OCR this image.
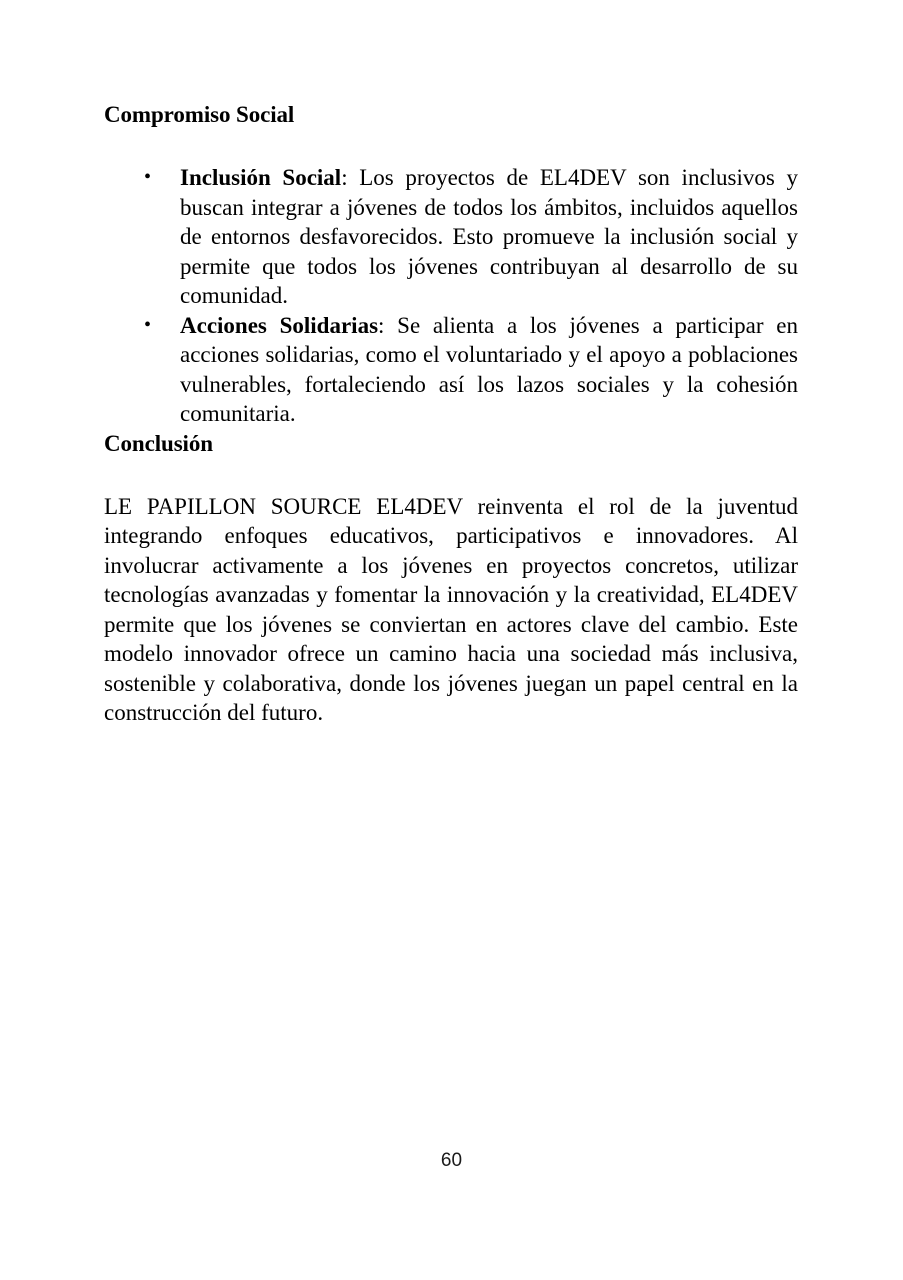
Compromiso Social
• Inclusión Social: Los proyectos de EL4DEV son inclusivos y buscan integrar a jóvenes de todos los ámbitos, incluidos aquellos de entornos desfavorecidos. Esto promueve la inclusión social y permite que todos los jóvenes contribuyan al desarrollo de su comunidad.
• Acciones Solidarias: Se alienta a los jóvenes a participar en acciones solidarias, como el voluntariado y el apoyo a poblaciones vulnerables, fortaleciendo así los lazos sociales y la cohesión comunitaria.
Conclusión

LE PAPILLON SOURCE EL4DEV reinventa el rol de la juventud integrando enfoques educativos, participativos e innovadores. Al involucrar activamente a los jóvenes en proyectos concretos, utilizar tecnologías avanzadas y fomentar la innovación y la creatividad, EL4DEV permite que los jóvenes se conviertan en actores clave del cambio. Este modelo innovador ofrece un camino hacia una sociedad más inclusiva, sostenible y colaborativa, donde los jóvenes juegan un papel central en la construcción del futuro.

60
